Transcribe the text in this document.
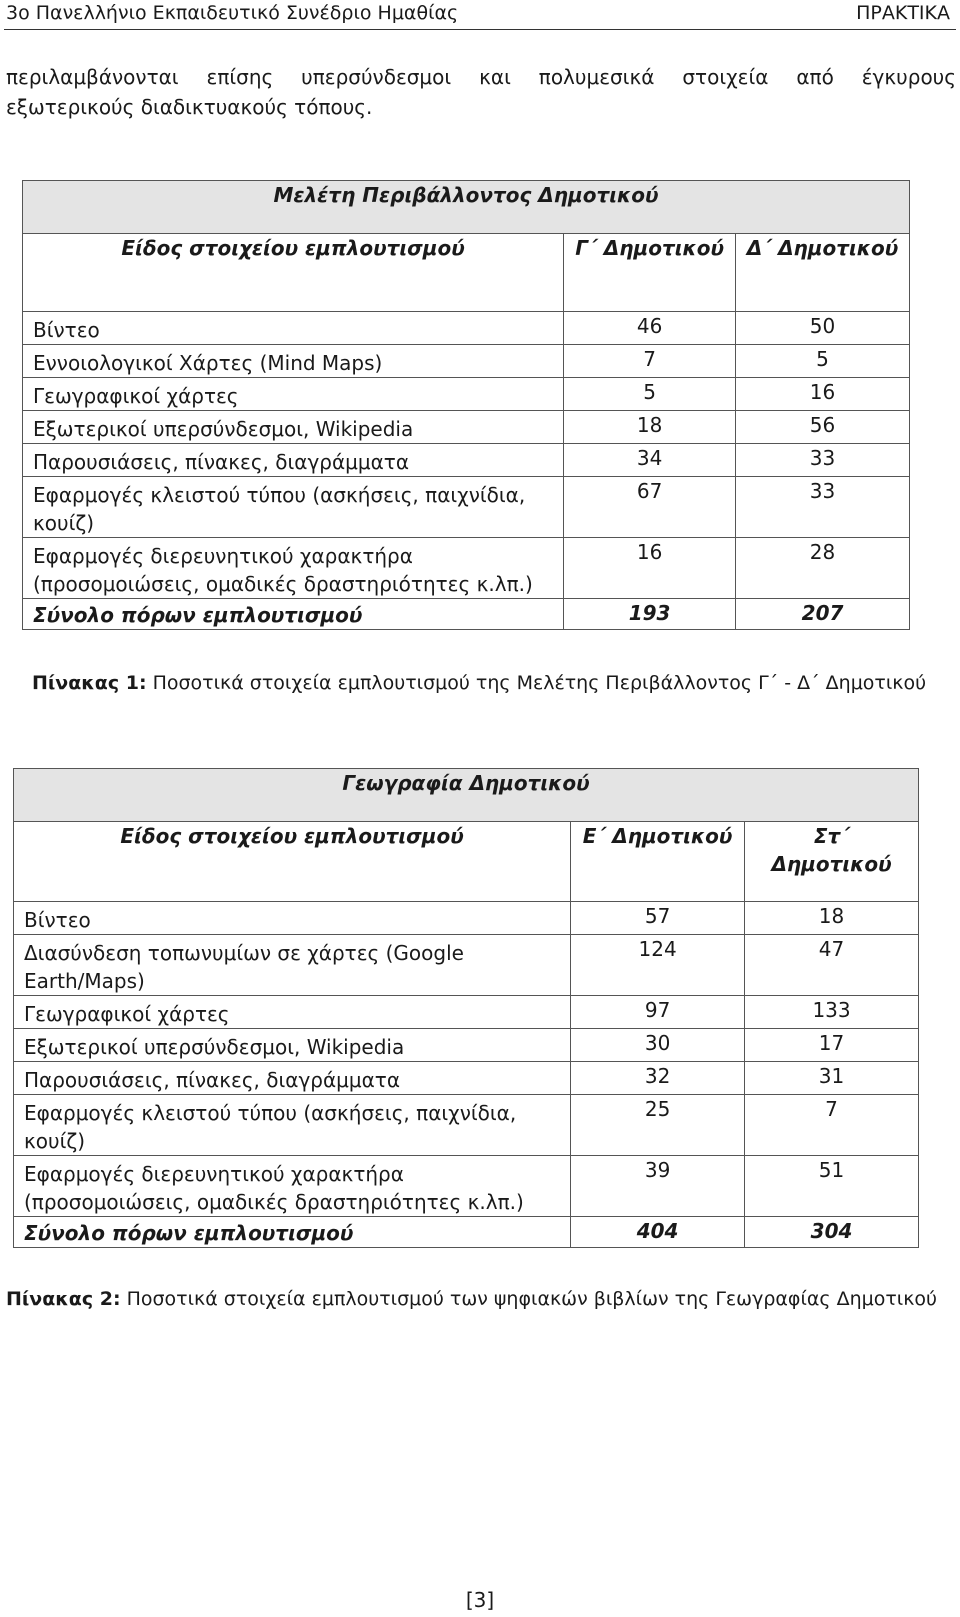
3ο Πανελλήνιο Εκπαιδευτικό Συνέδριο Ημαθίας	ΠΡΑΚΤΙΚΑ
περιλαμβάνονται επίσης υπερσύνδεσμοι και πολυμεσικά στοιχεία από έγκυρους
εξωτερικούς διαδικτυακούς τόπους.
Μελέτη Περιβάλλοντος Δημοτικού		
Είδος στοιχείου εμπλουτισμού	Γ΄ Δημοτικού	Δ΄ Δημοτικού
Βίντεο	46	50
Εννοιολογικοί Χάρτες (Mind Maps)	7	5
Γεωγραφικοί χάρτες	5	16
Εξωτερικοί υπερσύνδεσμοι, Wikipedia	18	56
Παρουσιάσεις, πίνακες, διαγράμματα	34	33
Εφαρμογές κλειστού τύπου (ασκήσεις, παιχνίδια, κουίζ)	67	33
Εφαρμογές διερευνητικού χαρακτήρα (προσομοιώσεις, ομαδικές δραστηριότητες κ.λπ.)	16	28
Σύνολο πόρων εμπλουτισμού	193	207
Πίνακας 1: Ποσοτικά στοιχεία εμπλουτισμού της Μελέτης Περιβάλλοντος Γ΄ - Δ΄ Δημοτικού
Γεωγραφία Δημοτικού		
Είδος στοιχείου εμπλουτισμού	Ε΄ Δημοτικού	Στ΄ Δημοτικού
Βίντεο	57	18
Διασύνδεση τοπωνυμίων σε χάρτες (Google Earth/Maps)	124	47
Γεωγραφικοί χάρτες	97	133
Εξωτερικοί υπερσύνδεσμοι, Wikipedia	30	17
Παρουσιάσεις, πίνακες, διαγράμματα	32	31
Εφαρμογές κλειστού τύπου (ασκήσεις, παιχνίδια, κουίζ)	25	7
Εφαρμογές διερευνητικού χαρακτήρα (προσομοιώσεις, ομαδικές δραστηριότητες κ.λπ.)	39	51
Σύνολο πόρων εμπλουτισμού	404	304
Πίνακας 2: Ποσοτικά στοιχεία εμπλουτισμού των ψηφιακών βιβλίων της Γεωγραφίας Δημοτικού
[3]
